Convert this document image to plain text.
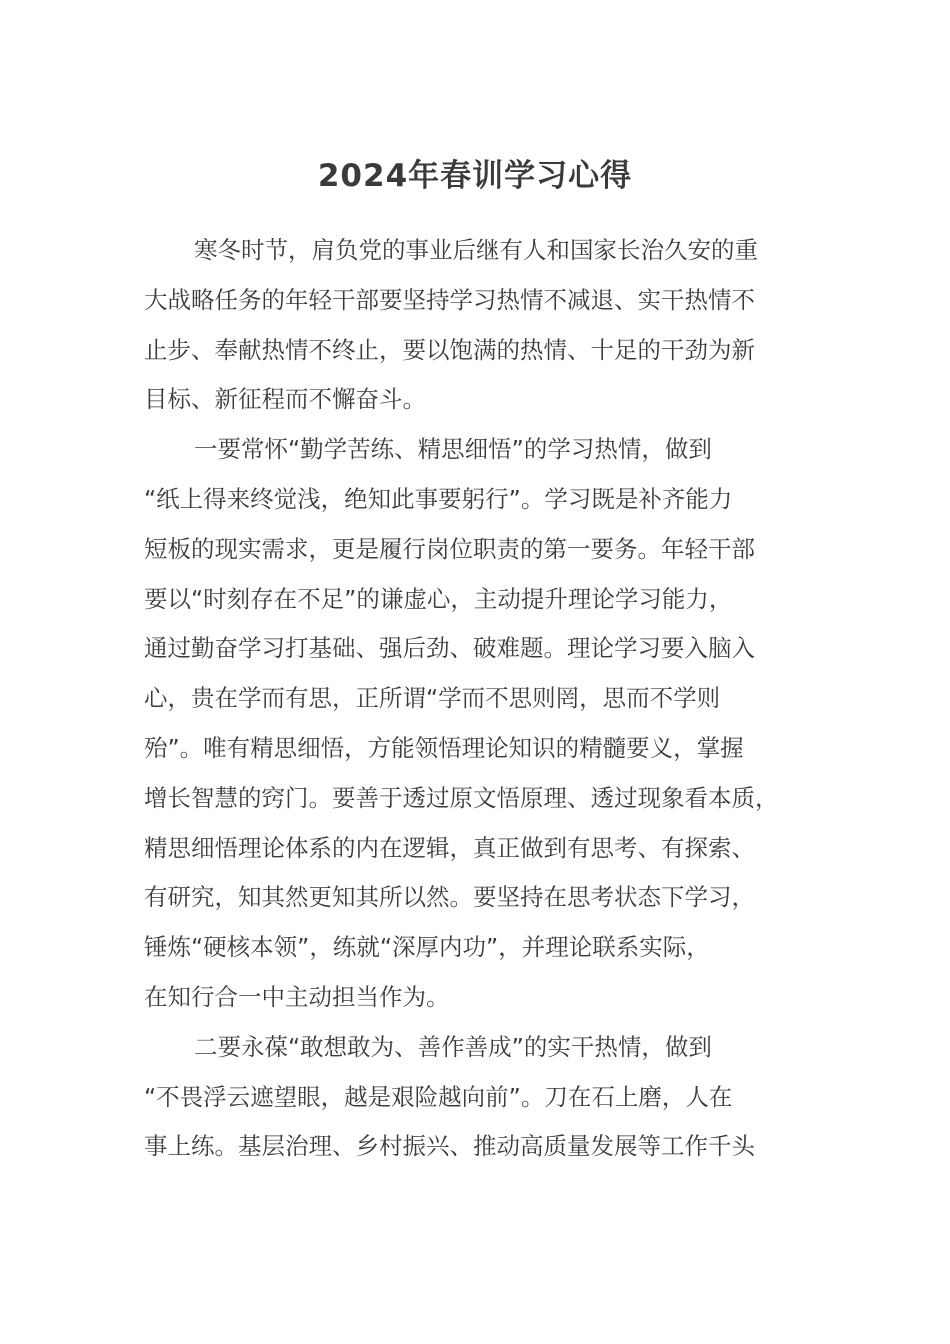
2024年春训学习心得
寒冬时节，肩负党的事业后继有人和国家长治久安的重
大战略任务的年轻干部要坚持学习热情不减退、实干热情不
止步、奉献热情不终止，要以饱满的热情、十足的干劲为新
目标、新征程而不懈奋斗。
一要常怀“勤学苦练、精思细悟”的学习热情，做到
“纸上得来终觉浅，绝知此事要躬行”。学习既是补齐能力
短板的现实需求，更是履行岗位职责的第一要务。年轻干部
要以“时刻存在不足”的谦虚心，主动提升理论学习能力，
通过勤奋学习打基础、强后劲、破难题。理论学习要入脑入
心，贵在学而有思，正所谓“学而不思则罔，思而不学则
殆”。唯有精思细悟，方能领悟理论知识的精髓要义，掌握
增长智慧的窍门。要善于透过原文悟原理、透过现象看本质，
精思细悟理论体系的内在逻辑，真正做到有思考、有探索、
有研究，知其然更知其所以然。要坚持在思考状态下学习，
锤炼“硬核本领”，练就“深厚内功”，并理论联系实际，
在知行合一中主动担当作为。
二要永葆“敢想敢为、善作善成”的实干热情，做到
“不畏浮云遮望眼，越是艰险越向前”。刀在石上磨，人在
事上练。基层治理、乡村振兴、推动高质量发展等工作千头
